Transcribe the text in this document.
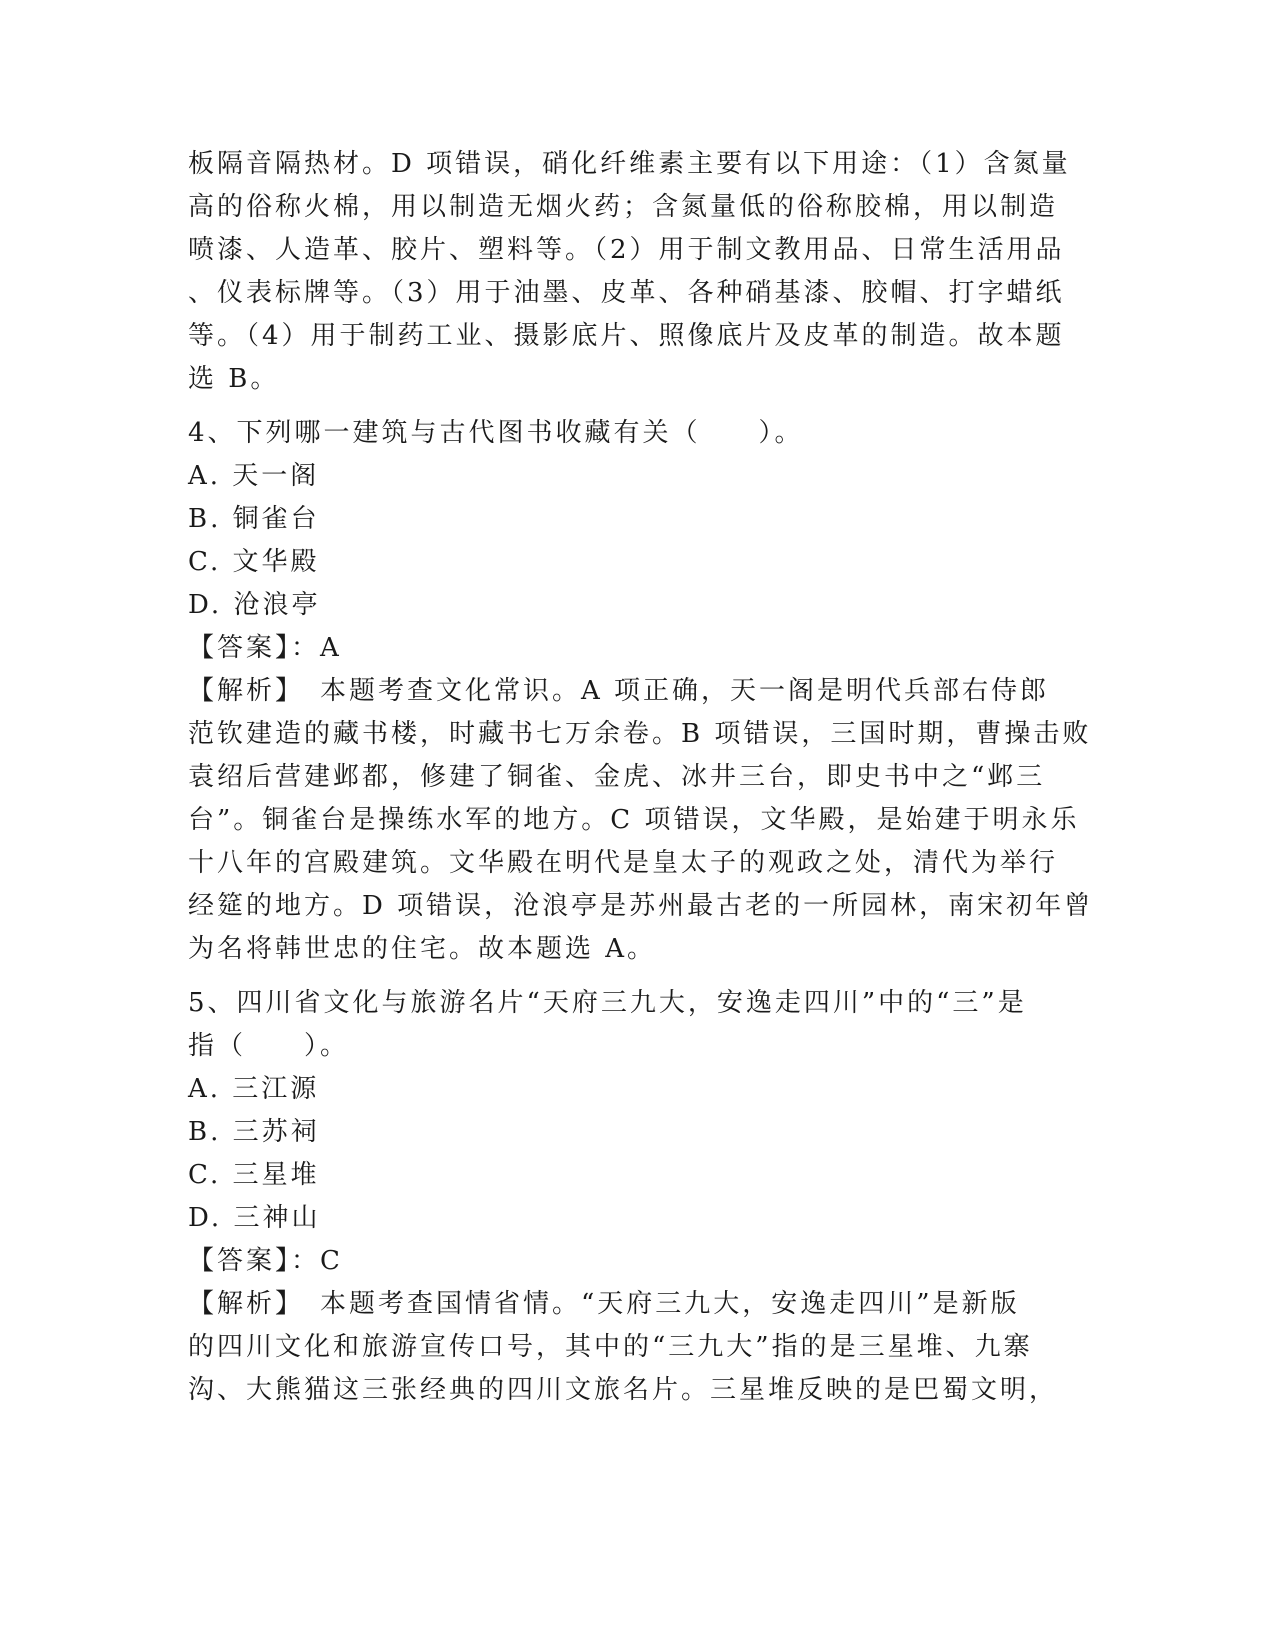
板隔音隔热材。D 项错误，硝化纤维素主要有以下用途：（1）含氮量
高的俗称火棉，用以制造无烟火药；含氮量低的俗称胶棉，用以制造
喷漆、人造革、胶片、塑料等。（2）用于制文教用品、日常生活用品
、仪表标牌等。（3）用于油墨、皮革、各种硝基漆、胶帽、打字蜡纸
等。（4）用于制药工业、摄影底片、照像底片及皮革的制造。故本题
选 B。
4、下列哪一建筑与古代图书收藏有关（　　）。
A. 天一阁
B. 铜雀台
C. 文华殿
D. 沧浪亭
【答案】：A
【解析】　本题考查文化常识。A 项正确，天一阁是明代兵部右侍郎
范钦建造的藏书楼，时藏书七万余卷。B 项错误，三国时期，曹操击败
袁绍后营建邺都，修建了铜雀、金虎、冰井三台，即史书中之“邺三
台”。铜雀台是操练水军的地方。C 项错误，文华殿，是始建于明永乐
十八年的宫殿建筑。文华殿在明代是皇太子的观政之处，清代为举行
经筵的地方。D 项错误，沧浪亭是苏州最古老的一所园林，南宋初年曾
为名将韩世忠的住宅。故本题选 A。
5、四川省文化与旅游名片“天府三九大，安逸走四川”中的“三”是
指（　　）。
A. 三江源
B. 三苏祠
C. 三星堆
D. 三神山
【答案】：C
【解析】　本题考查国情省情。“天府三九大，安逸走四川”是新版
的四川文化和旅游宣传口号，其中的“三九大”指的是三星堆、九寨
沟、大熊猫这三张经典的四川文旅名片。三星堆反映的是巴蜀文明，
